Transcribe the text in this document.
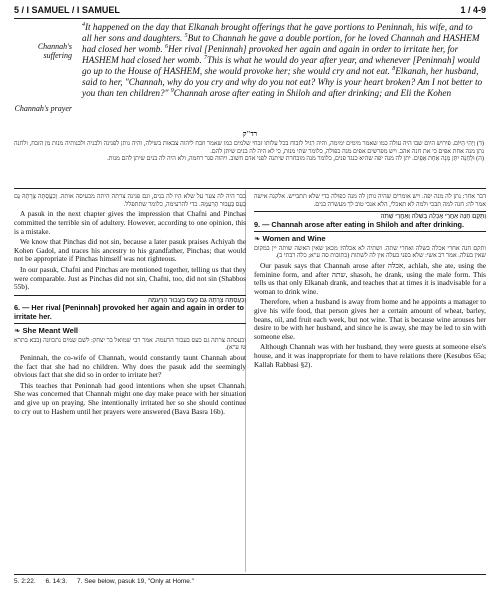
5 / I SAMUEL / I SAMUEL	1 / 4-9
Channah's suffering
Channah's prayer

$^4$It happened on the day that Elkanah brought offerings that he gave portions to Peninnah, his wife, and to all her sons and daughters. $^5$But to Channah he gave a double portion, for he loved Channah and HASHEM had closed her womb. $^6$Her rival [Peninnah] provoked her again and again in order to irritate her, for HASHEM had closed her womb. $^7$This is what he would do year after year, and whenever [Peninnah] would go up to the House of HASHEM, she would provoke her; she would cry and not eat. $^8$Elkanah, her husband, said to her, "Channah, why do you cry and why do you not eat? Why is your heart broken? Am I not better to you than ten children?" $^9$Channah arose after eating in Shiloh and after drinking; and Eli the Kohen

רד"ק

(ד) וַיְהִי הַיּוֹם. פירוש היום שבו היה עולה כמו שאמר מימים ימימה, והיה רגיל לזבוח בכל עלותו זבחי שלמים כמו שאמר וזבח ליהוה צבאות בשילה, והיה נותן לפנינה ולבניה ולבנותיה מנות מן הזבח, ולחנה נתן מנה אחת אפים כי את חנה אהב. ויש מפרשים אפים מנה כפולה, כלומר שתי מנות, כי לא היה לה בנים שיתן להם.

(ה) וּלְחַנָּה יִתֵּן מָנָה אַחַת אַפָּיִם. יתן לה מנה יפה שהיא כנגד פנים, כלומר מנה מובחרת שיתנה לפני אדם חשוב. ויהוה סגר רחמה, ולא היה לה בנים שיתן להם מנות.

כבר היה לה צער על שלא היו לה בנים, וגם פנינה צרתה היתה מכעיסה אותה. וְכִעֲסַתָּה צָרָתָהּ גַּם כַּעַס בַּעֲבוּר הַרְּעִמָהּ. כדי להרעימה, כלומר שתתפלל.

A pasuk in the next chapter gives the impression that Chafni and Pinchas committed the terrible sin of adultery. However, according to one opinion, this is a mistake.

We know that Pinchas did not sin, because a later pasuk praises Achiyah the Kohen Gadol, and traces his ancestry to his grandfather, Pinchas; that would not be appropriate if Pinchas himself was not righteous.

In our pasuk, Chafni and Pinchas are mentioned together, telling us that they were comparable. Just as Pinchas did not sin, Chafni, too, did not sin (Shabbos 55b).

וְכִעֲסַתָּה צָרָתָהּ גַּם כַּעַס בַּעֲבוּר הַרְּעִמָהּ
6. — Her rival [Peninnah] provoked her again and again in order to irritate her.
❧ She Meant Well
וכעסתה צרתה גם כעס בעבור הרעמה. אמר רבי שמואל בר יצחק: לשם שמים נתכוונה (בבא בתרא טז ע"א).

Peninnah, the co-wife of Channah, would constantly taunt Channah about the fact that she had no children. Why does the pasuk add the seemingly obvious fact that she did so in order to irritate her?

This teaches that Peninnah had good intentions when she upset Channah. She was concerned that Channah might one day make peace with her situation and give up on praying. She intentionally irritated her so she should continue to cry out to Hashem until her prayers were answered (Bava Basra 16b).

דבר אחר: נתן לה מנה יפה. ויש אומרים שהיה נותן לה מנה כפולה כדי שלא תתבייש. אלקנה אישה אמר לה: חנה למה תבכי ולמה לא תאכלי, הלא אנכי טוב לך מעשרה בנים.
וַתָּקָם חַנָּה אַחֲרֵי אָכְלָה בְשִׁלֹה וְאַחֲרֵי שָׁתֹה
9. — Channah arose after eating in Shiloh and after drinking.
❧ Women and Wine
ותקם חנה אחרי אכלה בשלה ואחרי שתה. ושתיה לא אכלה? מכאן שאין האשה שותה יין במקום שאין בעלה. אמר רב אשי: שלא בפני בעלה אין לה לשתות (כתובות סה ע"א; כלה רבתי ב).

Our pasuk says that Channah arose after אכלה, achlah, she ate, using the feminine form, and after שתה, shasoh, he drank, using the male form. This tells us that only Elkanah drank, and teaches that at times it is inadvisable for a woman to drink wine.

Therefore, when a husband is away from home and he appoints a manager to give his wife food, that person gives her a certain amount of wheat, barley, beans, oil, and fruit each week, but not wine. That is because wine arouses her desire to be with her husband, and since he is away, she may be led to sin with someone else.

Although Channah was with her husband, they were guests at someone else's house, and it was inappropriate for them to have relations there (Kesubos 65a; Kallah Rabbasi §2).

5. 2:22. 6. 14:3. 7. See below, pasuk 19, "Only at Home."
